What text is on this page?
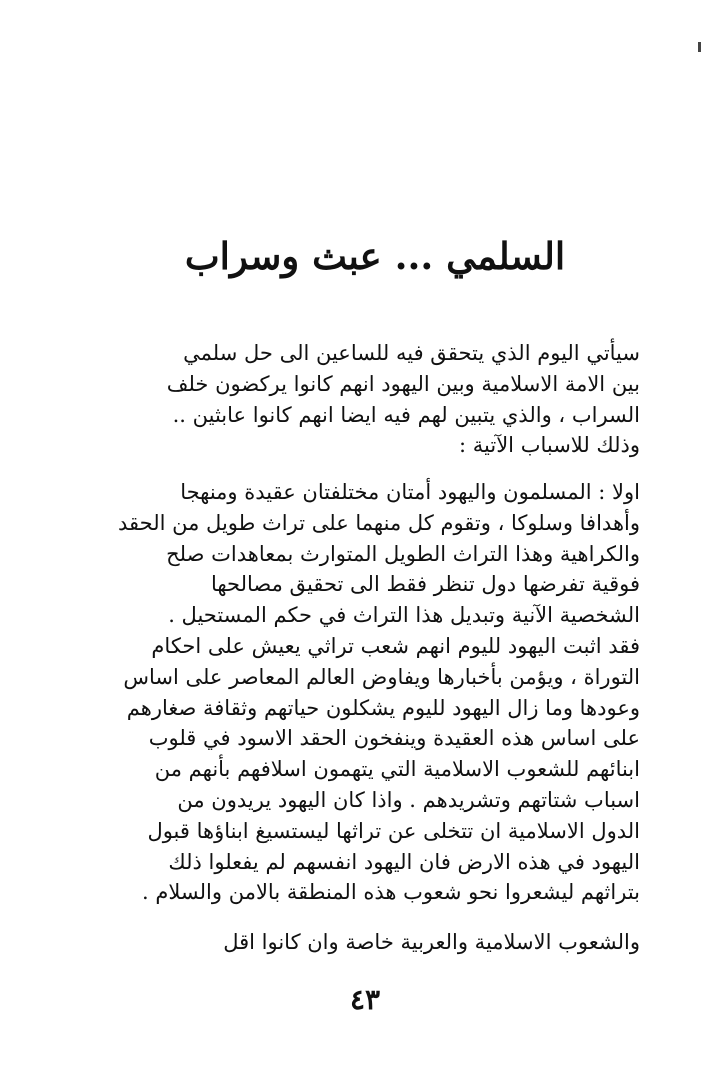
السلمي ... عبث وسراب
سيأتي اليوم الذي يتحقق فيه للساعين الى حل سلمي
بين الامة الاسلامية وبين اليهود انهم كانوا يركضون خلف
السراب ، والذي يتبين لهم فيه ايضا انهم كانوا عابثين ..
وذلك للاسباب الآتية :
اولا : المسلمون واليهود أمتان مختلفتان عقيدة ومنهجا
وأهدافا وسلوكا ، وتقوم كل منهما على تراث طويل من الحقد
والكراهية وهذا التراث الطويل المتوارث بمعاهدات صلح
فوقية تفرضها دول تنظر فقط الى تحقيق مصالحها
الشخصية الآنية وتبديل هذا التراث في حكم المستحيل .
فقد اثبت اليهود لليوم انهم شعب تراثي يعيش على احكام
التوراة ، ويؤمن بأخبارها ويفاوض العالم المعاصر على اساس
وعودها وما زال اليهود لليوم يشكلون حياتهم وثقافة صغارهم
على اساس هذه العقيدة وينفخون الحقد الاسود في قلوب
ابنائهم للشعوب الاسلامية التي يتهمون اسلافهم بأنهم من
اسباب شتاتهم وتشريدهم . واذا كان اليهود يريدون من
الدول الاسلامية ان تتخلى عن تراثها ليستسيغ ابناؤها قبول
اليهود في هذه الارض فان اليهود انفسهم لم يفعلوا ذلك
بتراثهم ليشعروا نحو شعوب هذه المنطقة بالامن والسلام .
والشعوب الاسلامية والعربية خاصة وان كانوا اقل
٤٣
